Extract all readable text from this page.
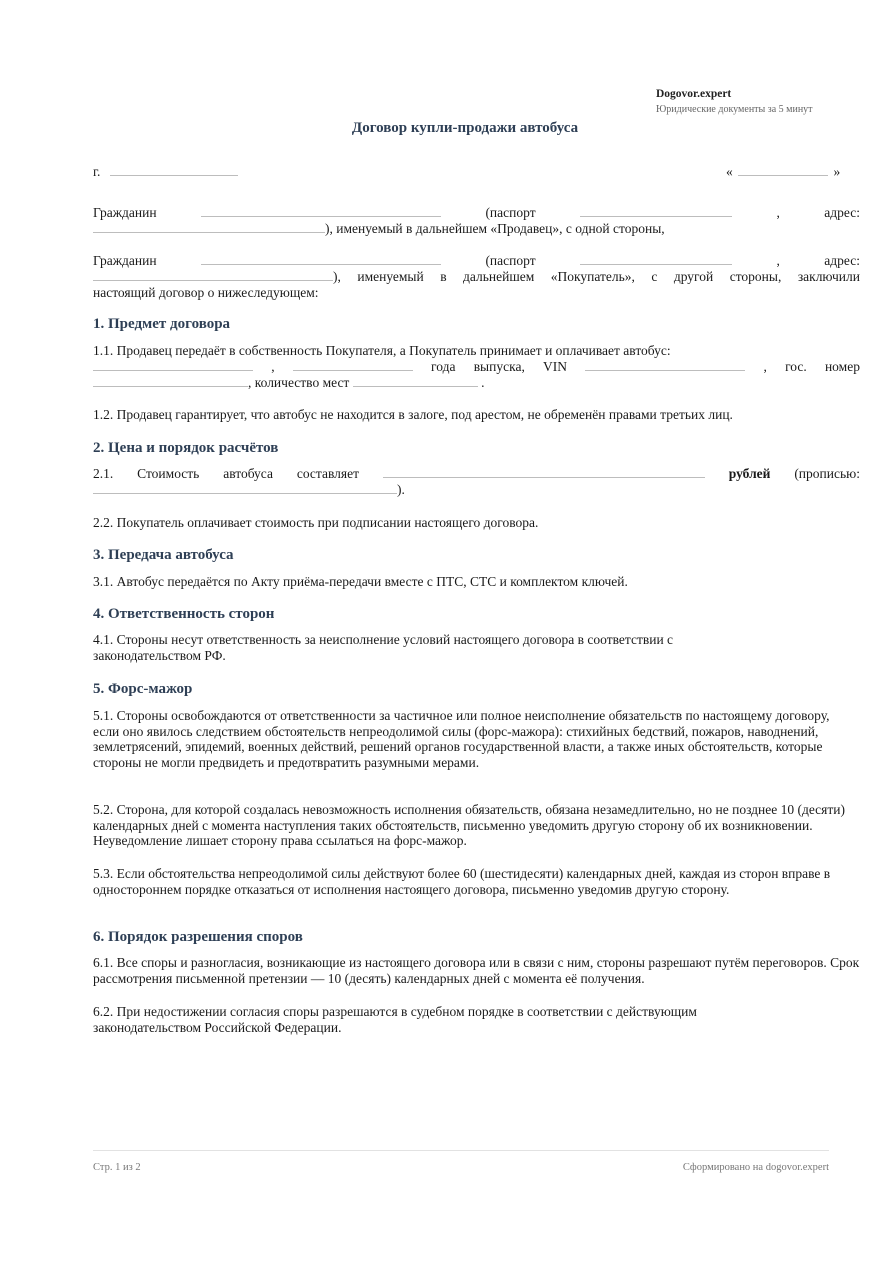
Dogovor.expert
Юридические документы за 5 минут
Договор купли-продажи автобуса
г.	«	»
Гражданин	(паспорт	,	адрес:
), именуемый в дальнейшем «Продавец», с одной стороны,
Гражданин	(паспорт	,	адрес:
), именуемый в дальнейшем «Покупатель», с другой стороны, заключили
настоящий договор о нижеследующем:
1. Предмет договора
1.1. Продавец передаёт в собственность Покупателя, а Покупатель принимает и оплачивает автобус:
,	года выпуска, VIN	, гос. номер
, количество мест	.
1.2. Продавец гарантирует, что автобус не находится в залоге, под арестом, не обременён правами третьих лиц.
2. Цена и порядок расчётов
2.1. Стоимость автобуса составляет	рублей (прописью:
).
2.2. Покупатель оплачивает стоимость при подписании настоящего договора.
3. Передача автобуса
3.1. Автобус передаётся по Акту приёма-передачи вместе с ПТС, СТС и комплектом ключей.
4. Ответственность сторон
4.1. Стороны несут ответственность за неисполнение условий настоящего договора в соответствии с законодательством РФ.
5. Форс-мажор
5.1. Стороны освобождаются от ответственности за частичное или полное неисполнение обязательств по настоящему договору, если оно явилось следствием обстоятельств непреодолимой силы (форс-мажора): стихийных бедствий, пожаров, наводнений, землетрясений, эпидемий, военных действий, решений органов государственной власти, а также иных обстоятельств, которые стороны не могли предвидеть и предотвратить разумными мерами.
5.2. Сторона, для которой создалась невозможность исполнения обязательств, обязана незамедлительно, но не позднее 10 (десяти) календарных дней с момента наступления таких обстоятельств, письменно уведомить другую сторону об их возникновении. Неуведомление лишает сторону права ссылаться на форс-мажор.
5.3. Если обстоятельства непреодолимой силы действуют более 60 (шестидесяти) календарных дней, каждая из сторон вправе в одностороннем порядке отказаться от исполнения настоящего договора, письменно уведомив другую сторону.
6. Порядок разрешения споров
6.1. Все споры и разногласия, возникающие из настоящего договора или в связи с ним, стороны разрешают путём переговоров. Срок рассмотрения письменной претензии — 10 (десять) календарных дней с момента её получения.
6.2. При недостижении согласия споры разрешаются в судебном порядке в соответствии с действующим законодательством Российской Федерации.
Стр. 1 из 2	Сформировано на dogovor.expert
